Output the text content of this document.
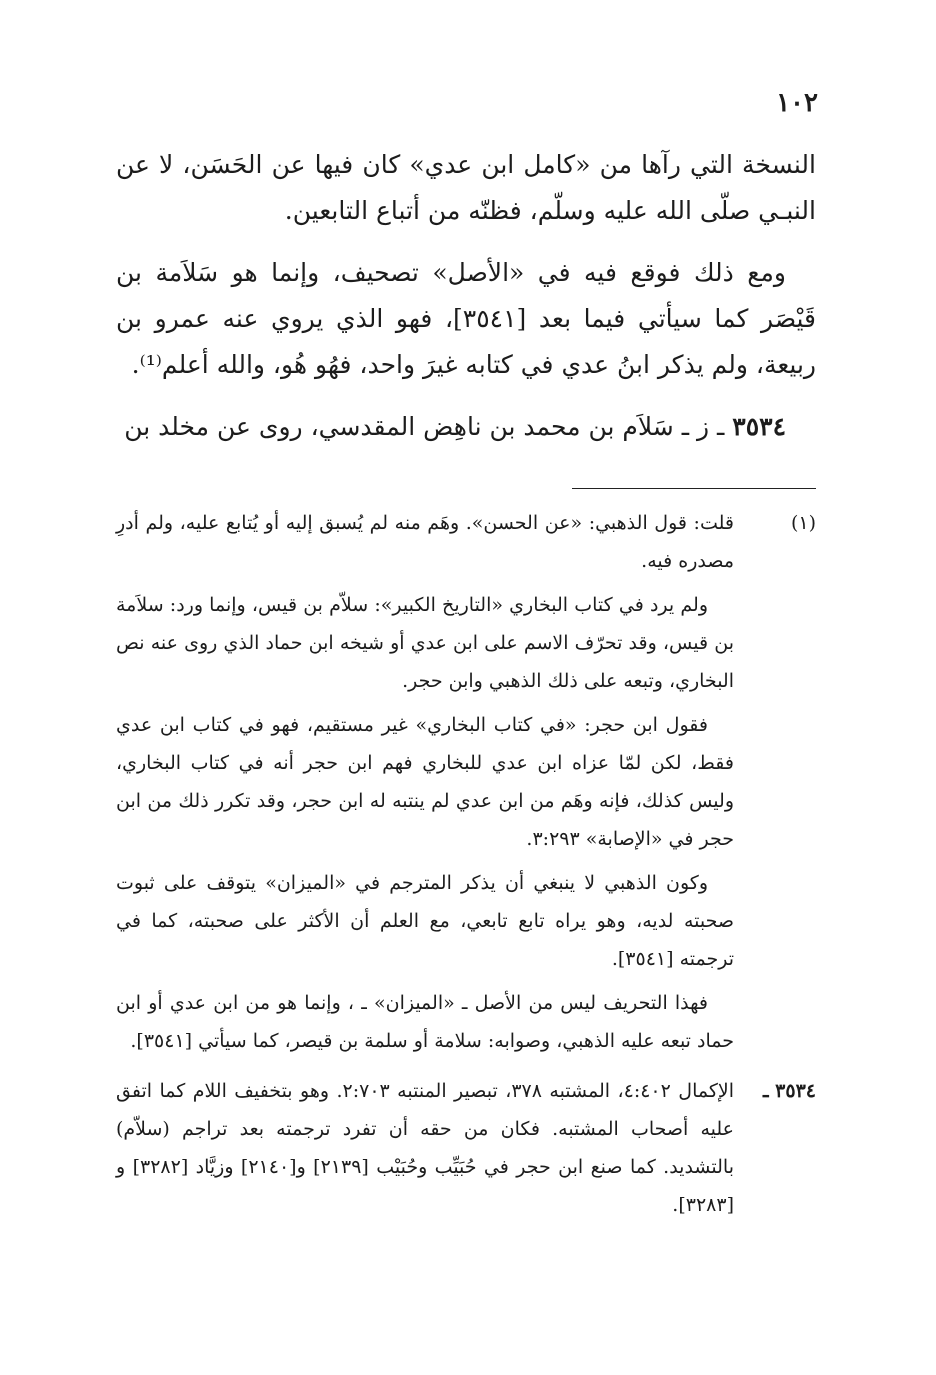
١٠٢

النسخة التي رآها من «كامل ابن عدي» كان فيها عن الحَسَن، لا عن النبـي صلّى الله عليه وسلّم، فظنّه من أتباع التابعين.

ومع ذلك فوقع فيه في «الأصل» تصحيف، وإنما هو سَلاَمة بن قَيْصَر كما سيأتي فيما بعد [٣٥٤١]، فهو الذي يروي عنه عمرو بن ربيعة، ولم يذكر ابنُ عدي في كتابه غيرَ واحد، فهُو هُو، والله أعلم⁽¹⁾.

٣٥٣٤ ـ ز ـ سَلاَم بن محمد بن ناهِض المقدسي، روى عن مخلد بن

(١)

قلت: قول الذهبي: «عن الحسن». وهَم منه لم يُسبق إليه أو يُتابع عليه، ولم أدرِ مصدره فيه.

ولم يرد في كتاب البخاري «التاريخ الكبير»: سلاّم بن قيس، وإنما ورد: سلاَمة بن قيس، وقد تحرّف الاسم على ابن عدي أو شيخه ابن حماد الذي روى عنه نص البخاري، وتبعه على ذلك الذهبي وابن حجر.

فقول ابن حجر: «في كتاب البخاري» غير مستقيم، فهو في كتاب ابن عدي فقط، لكن لمّا عزاه ابن عدي للبخاري فهم ابن حجر أنه في كتاب البخاري، وليس كذلك، فإنه وهَم من ابن عدي لم ينتبه له ابن حجر، وقد تكرر ذلك من ابن حجر في «الإصابة» ٣:٢٩٣.

وكون الذهبي لا ينبغي أن يذكر المترجم في «الميزان» يتوقف على ثبوت صحبته لديه، وهو يراه تابع تابعي، مع العلم أن الأكثر على صحبته، كما في ترجمته [٣٥٤١].

فهذا التحريف ليس من الأصل ـ «الميزان» ـ ، وإنما هو من ابن عدي أو ابن حماد تبعه عليه الذهبي، وصوابه: سلامة أو سلمة بن قيصر، كما سيأتي [٣٥٤١].

٣٥٣٤ ـ

الإكمال ٤:٤٠٢، المشتبه ٣٧٨، تبصير المنتبه ٢:٧٠٣. وهو بتخفيف اللام كما اتفق عليه أصحاب المشتبه. فكان من حقه أن تفرد ترجمته بعد تراجم (سلاّم) بالتشديد. كما صنع ابن حجر في حُبَيِّب وحُبَيْب [٢١٣٩] و[٢١٤٠] وزيَّاد [٣٢٨٢] و [٣٢٨٣].
